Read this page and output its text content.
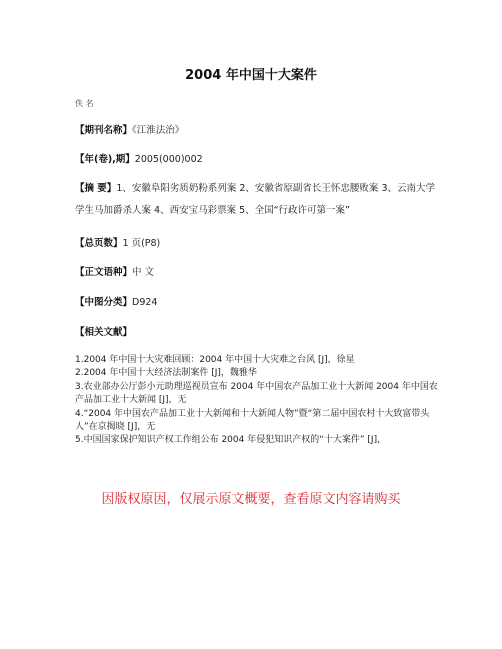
2004 年中国十大案件
佚 名
【期刊名称】《江淮法治》
【年(卷),期】2005(000)002
【摘 要】1、安徽阜阳劣质奶粉系列案 2、安徽省原副省长王怀忠腰败案 3、云南大学学生马加爵杀人案 4、西安宝马彩票案 5、全国“行政许可第一案”
【总页数】1 页(P8)
【正文语种】中 文
【中图分类】D924
【相关文献】

1.2004 年中国十大灾难回顾：2004 年中国十大灾难之台风 [J]，徐星

2.2004 年中国十大经济法制案件 [J]，魏雅华

3.农业部办公厅彭小元助理巡视员宣布 2004 年中国农产品加工业十大新闻 2004 年中国农产品加工业十大新闻 [J]，无

4.“2004 年中国农产品加工业十大新闻和十大新闻人物”暨“第二届中国农村十大致富带头人”在京揭晓 [J]，无

5.中国国家保护知识产权工作组公布 2004 年侵犯知识产权的“十大案件” [J]，

因版权原因，仅展示原文概要，查看原文内容请购买
